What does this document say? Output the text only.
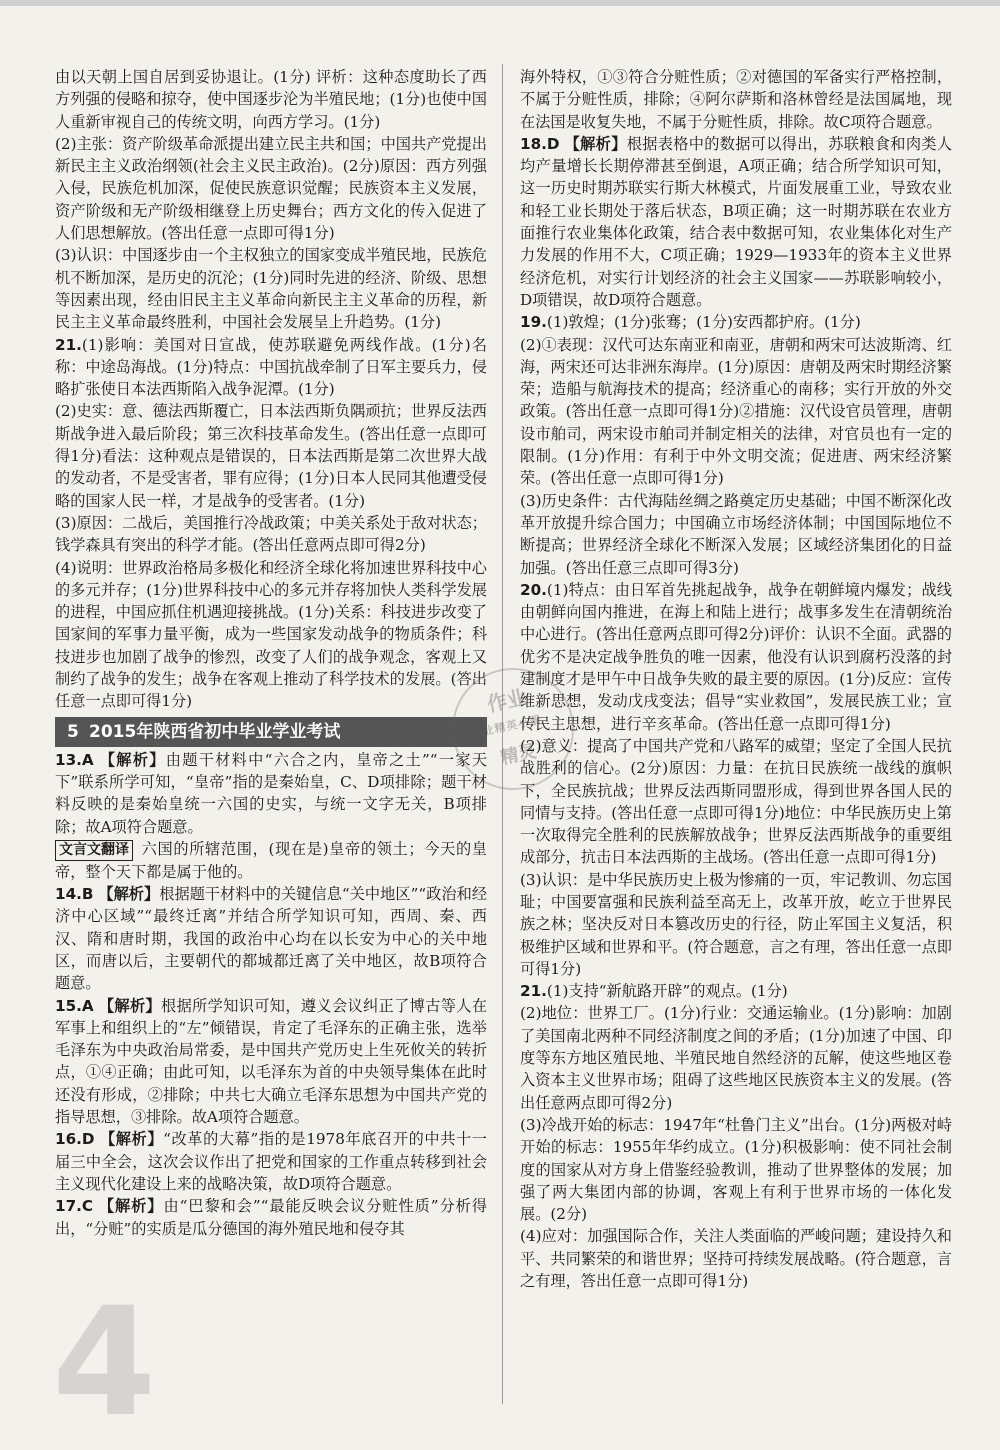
由以天朝上国自居到妥协退让。(1分) 评析：这种态度助长了西方列强的侵略和掠夺，使中国逐步沦为半殖民地；(1分)也使中国人重新审视自己的传统文明，向西方学习。(1分)

(2)主张：资产阶级革命派提出建立民主共和国；中国共产党提出新民主主义政治纲领(社会主义民主政治)。(2分)原因：西方列强入侵，民族危机加深，促使民族意识觉醒；民族资本主义发展，资产阶级和无产阶级相继登上历史舞台；西方文化的传入促进了人们思想解放。(答出任意一点即可得1分)

(3)认识：中国逐步由一个主权独立的国家变成半殖民地，民族危机不断加深，是历史的沉沦；(1分)同时先进的经济、阶级、思想等因素出现，经由旧民主主义革命向新民主主义革命的历程，新民主主义革命最终胜利，中国社会发展呈上升趋势。(1分)

21.(1)影响：美国对日宣战，使苏联避免两线作战。(1分)名称：中途岛海战。(1分)特点：中国抗战牵制了日军主要兵力，侵略扩张使日本法西斯陷入战争泥潭。(1分)

(2)史实：意、德法西斯覆亡，日本法西斯负隅顽抗；世界反法西斯战争进入最后阶段；第三次科技革命发生。(答出任意一点即可得1分)看法：这种观点是错误的，日本法西斯是第二次世界大战的发动者，不是受害者，罪有应得；(1分)日本人民同其他遭受侵略的国家人民一样，才是战争的受害者。(1分)

(3)原因：二战后，美国推行冷战政策；中美关系处于敌对状态；钱学森具有突出的科学才能。(答出任意两点即可得2分)

(4)说明：世界政治格局多极化和经济全球化将加速世界科技中心的多元并存；(1分)世界科技中心的多元并存将加快人类科学发展的进程，中国应抓住机遇迎接挑战。(1分)关系：科技进步改变了国家间的军事力量平衡，成为一些国家发动战争的物质条件；科技进步也加剧了战争的惨烈，改变了人们的战争观念，客观上又制约了战争的发生；战争在客观上推动了科学技术的发展。(答出任意一点即可得1分)

5 2015年陕西省初中毕业学业考试

13.A 【解析】由题干材料中“六合之内，皇帝之土”“一家天下”联系所学可知，“皇帝”指的是秦始皇，C、D项排除；题干材料反映的是秦始皇统一六国的史实，与统一文字无关，B项排除；故A项符合题意。

文言文翻译 六国的所辖范围，(现在是)皇帝的领土；今天的皇帝，整个天下都是属于他的。

14.B 【解析】根据题干材料中的关键信息“关中地区”“政治和经济中心区域”“最终迁离”并结合所学知识可知，西周、秦、西汉、隋和唐时期，我国的政治中心均在以长安为中心的关中地区，而唐以后，主要朝代的都城都迁离了关中地区，故B项符合题意。

15.A 【解析】根据所学知识可知，遵义会议纠正了博古等人在军事上和组织上的“左”倾错误，肯定了毛泽东的正确主张，选举毛泽东为中央政治局常委，是中国共产党历史上生死攸关的转折点，①④正确；由此可知，以毛泽东为首的中央领导集体在此时还没有形成，②排除；中共七大确立毛泽东思想为中国共产党的指导思想，③排除。故A项符合题意。

16.D 【解析】“改革的大幕”指的是1978年底召开的中共十一届三中全会，这次会议作出了把党和国家的工作重点转移到社会主义现代化建设上来的战略决策，故D项符合题意。

17.C 【解析】由“巴黎和会”“最能反映会议分赃性质”分析得出，“分赃”的实质是瓜分德国的海外殖民地和侵夺其

海外特权，①③符合分赃性质；②对德国的军备实行严格控制，不属于分赃性质，排除；④阿尔萨斯和洛林曾经是法国属地，现在法国是收复失地，不属于分赃性质，排除。故C项符合题意。

18.D 【解析】根据表格中的数据可以得出，苏联粮食和肉类人均产量增长长期停滞甚至倒退，A项正确；结合所学知识可知，这一历史时期苏联实行斯大林模式，片面发展重工业，导致农业和轻工业长期处于落后状态，B项正确；这一时期苏联在农业方面推行农业集体化政策，结合表中数据可知，农业集体化对生产力发展的作用不大，C项正确；1929—1933年的资本主义世界经济危机，对实行计划经济的社会主义国家——苏联影响较小，D项错误，故D项符合题意。

19.(1)敦煌；(1分)张骞；(1分)安西都护府。(1分)

(2)①表现：汉代可达东南亚和南亚，唐朝和两宋可达波斯湾、红海，两宋还可达非洲东海岸。(1分)原因：唐朝及两宋时期经济繁荣；造船与航海技术的提高；经济重心的南移；实行开放的外交政策。(答出任意一点即可得1分)②措施：汉代设官员管理，唐朝设市舶司，两宋设市舶司并制定相关的法律，对官员也有一定的限制。(1分)作用：有利于中外文明交流；促进唐、两宋经济繁荣。(答出任意一点即可得1分)

(3)历史条件：古代海陆丝绸之路奠定历史基础；中国不断深化改革开放提升综合国力；中国确立市场经济体制；中国国际地位不断提高；世界经济全球化不断深入发展；区域经济集团化的日益加强。(答出任意三点即可得3分)

20.(1)特点：由日军首先挑起战争，战争在朝鲜境内爆发；战线由朝鲜向国内推进，在海上和陆上进行；战事多发生在清朝统治中心进行。(答出任意两点即可得2分)评价：认识不全面。武器的优劣不是决定战争胜负的唯一因素，他没有认识到腐朽没落的封建制度才是甲午中日战争失败的最主要的原因。(1分)反应：宣传维新思想，发动戊戌变法；倡导“实业救国”，发展民族工业；宣传民主思想，进行辛亥革命。(答出任意一点即可得1分)

(2)意义：提高了中国共产党和八路军的威望；坚定了全国人民抗战胜利的信心。(2分)原因：力量：在抗日民族统一战线的旗帜下，全民族抗战；世界反法西斯同盟形成，得到世界各国人民的同情与支持。(答出任意一点即可得1分)地位：中华民族历史上第一次取得完全胜利的民族解放战争；世界反法西斯战争的重要组成部分，抗击日本法西斯的主战场。(答出任意一点即可得1分)

(3)认识：是中华民族历史上极为惨痛的一页，牢记教训、勿忘国耻；中国要富强和民族利益至高无上，改革开放，屹立于世界民族之林；坚决反对日本篡改历史的行径，防止军国主义复活，积极维护区域和世界和平。(符合题意，言之有理，答出任意一点即可得1分)

21.(1)支持“新航路开辟”的观点。(1分)

(2)地位：世界工厂。(1分)行业：交通运输业。(1分)影响：加剧了美国南北两种不同经济制度之间的矛盾；(1分)加速了中国、印度等东方地区殖民地、半殖民地自然经济的瓦解，使这些地区卷入资本主义世界市场；阻碍了这些地区民族资本主义的发展。(答出任意两点即可得2分)

(3)冷战开始的标志：1947年“杜鲁门主义”出台。(1分)两极对峙开始的标志：1955年华约成立。(1分)积极影响：使不同社会制度的国家从对方身上借鉴经验教训，推动了世界整体的发展；加强了两大集团内部的协调，客观上有利于世界市场的一体化发展。(2分)

(4)应对：加强国际合作，关注人类面临的严峻问题；建设持久和平、共同繁荣的和谐世界；坚持可持续发展战略。(符合题意，言之有理，答出任意一点即可得1分)

作业
业精英小册
精灵
4
